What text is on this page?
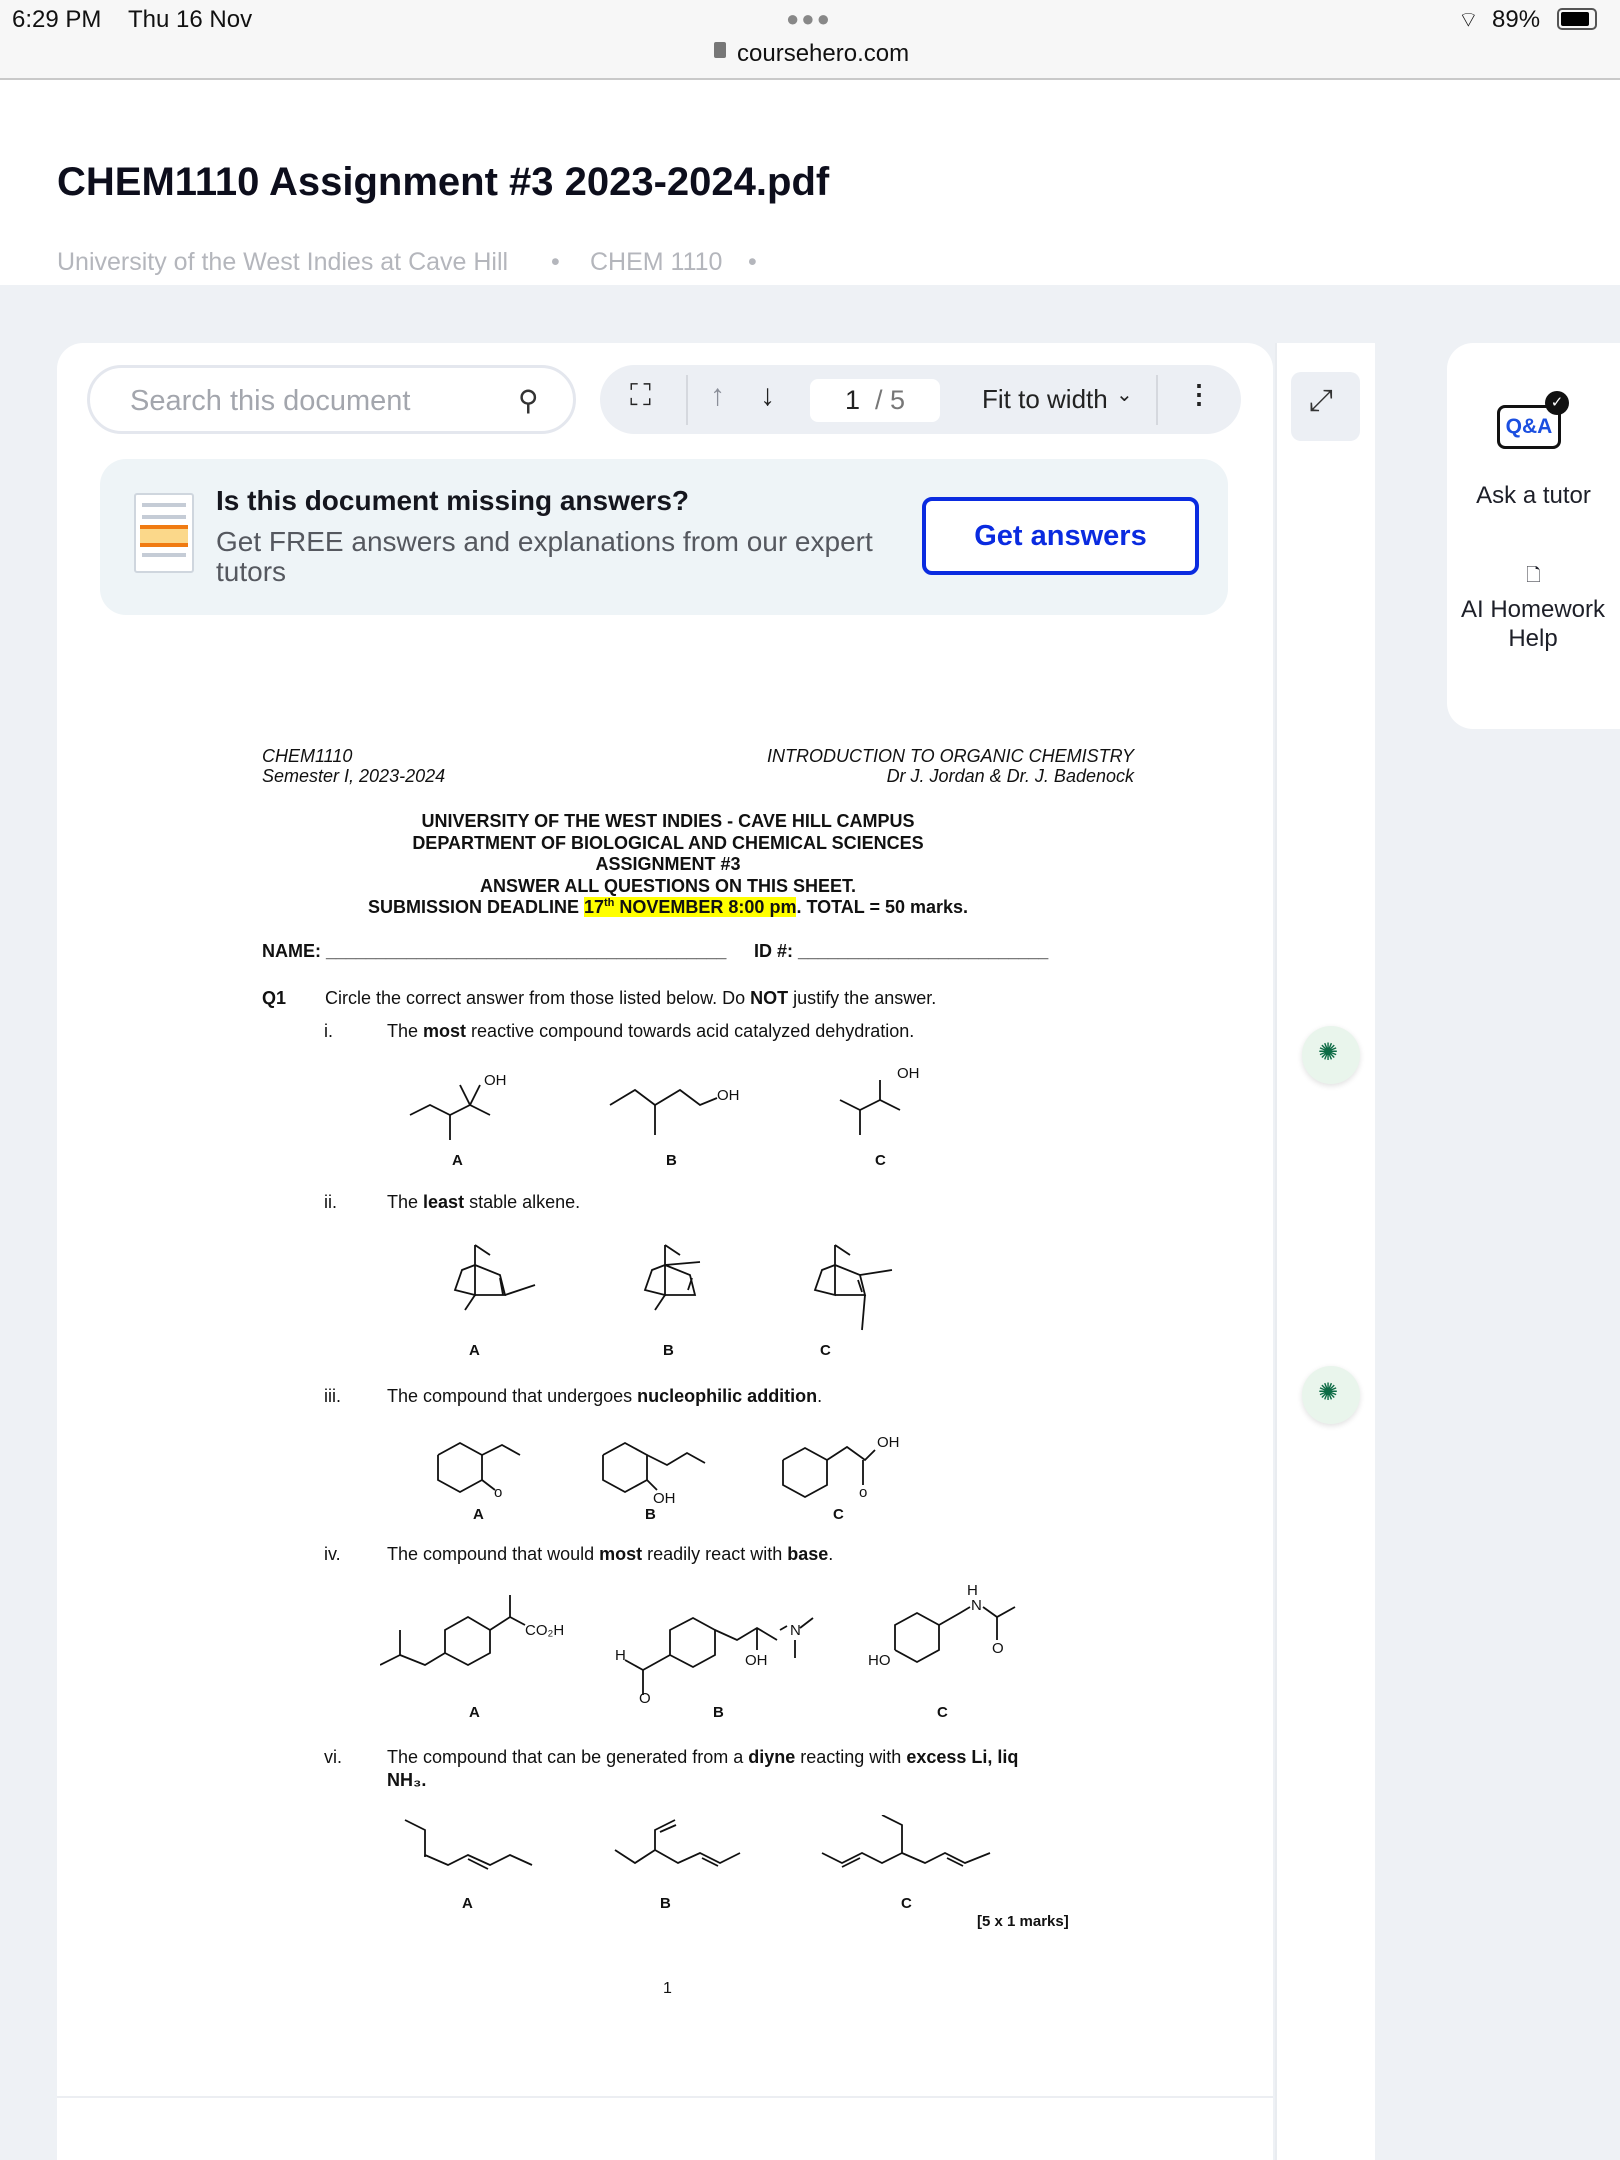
6:29 PM Thu 16 Nov	●●●
coursehero.com
⌔ 89%
CHEM1110 Assignment #3 2023-2024.pdf
University of the West Indies at Cave Hill • CHEM 1110 •
Search this document	⚲	⛶ ↑ ↓	1 / 5	Fit to width ⌄ ⋮	⤢
Q&A
✓
Ask a tutor
🗋
AI Homework Help
Is this document missing answers?
Get FREE answers and explanations from our expert tutors
Get answers
✺
✺
CHEM1110
Semester I, 2023-2024
INTRODUCTION TO ORGANIC CHEMISTRY
Dr J. Jordan & Dr. J. Badenock
UNIVERSITY OF THE WEST INDIES - CAVE HILL CAMPUS
DEPARTMENT OF BIOLOGICAL AND CHEMICAL SCIENCES
ASSIGNMENT #3
ANSWER ALL QUESTIONS ON THIS SHEET.
SUBMISSION DEADLINE 17th NOVEMBER 8:00 pm. TOTAL = 50 marks.
NAME: ________________________________________ ID #: _________________________
Q1 Circle the correct answer from those listed below. Do NOT justify the answer.
i.	The most reactive compound towards acid catalyzed dehydration.
OH
OH
OH
A	B	C
ii.	The least stable alkene.
A	B	C
iii.	The compound that undergoes nucleophilic addition.
o	OH	o
OH
A	B	C
iv.	The compound that would most readily react with base.
CO₂H
H	OH
N
O
HO
H
N
O
A	B	C
vi.	The compound that can be generated from a diyne reacting with excess Li, liq
NH₃.
A	B	C
[5 x 1 marks]
1
